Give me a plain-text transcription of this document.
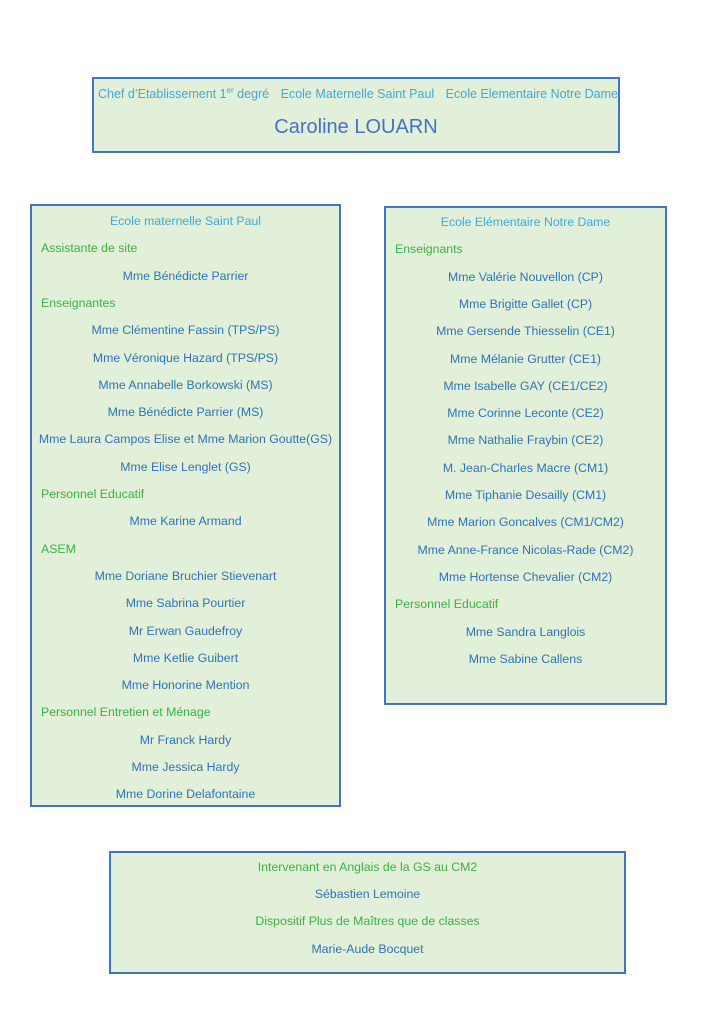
Chef d’Etablissement 1er degré Ecole Maternelle Saint Paul Ecole Elementaire Notre Dame
Caroline LOUARN
Ecole maternelle Saint Paul
Assistante de site
Mme Bénédicte Parrier
Enseignantes
Mme Clémentine Fassin (TPS/PS)
Mme Véronique Hazard (TPS/PS)
Mme Annabelle Borkowski (MS)
Mme Bénédicte Parrier (MS)
Mme Laura Campos Elise et Mme Marion Goutte(GS)
Mme Elise Lenglet (GS)
Personnel Educatif
Mme Karine Armand
ASEM
Mme Doriane Bruchier Stievenart
Mme Sabrina Pourtier
Mr Erwan Gaudefroy
Mme Ketlie Guibert
Mme Honorine Mention
Personnel Entretien et Ménage
Mr Franck Hardy
Mme Jessica Hardy
Mme Dorine Delafontaine
Ecole Elémentaire Notre Dame
Enseignants
Mme Valérie Nouvellon (CP)
Mme Brigitte Gallet (CP)
Mme Gersende Thiesselin (CE1)
Mme Mélanie Grutter (CE1)
Mme Isabelle GAY (CE1/CE2)
Mme Corinne Leconte (CE2)
Mme Nathalie Fraybin (CE2)
M. Jean-Charles Macre (CM1)
Mme Tiphanie Desailly (CM1)
Mme Marion Goncalves (CM1/CM2)
Mme Anne-France Nicolas-Rade (CM2)
Mme Hortense Chevalier (CM2)
Personnel Educatif
Mme Sandra Langlois
Mme Sabine Callens
Intervenant en Anglais de la GS au CM2
Sébastien Lemoine
Dispositif Plus de Maîtres que de classes
Marie-Aude Bocquet
